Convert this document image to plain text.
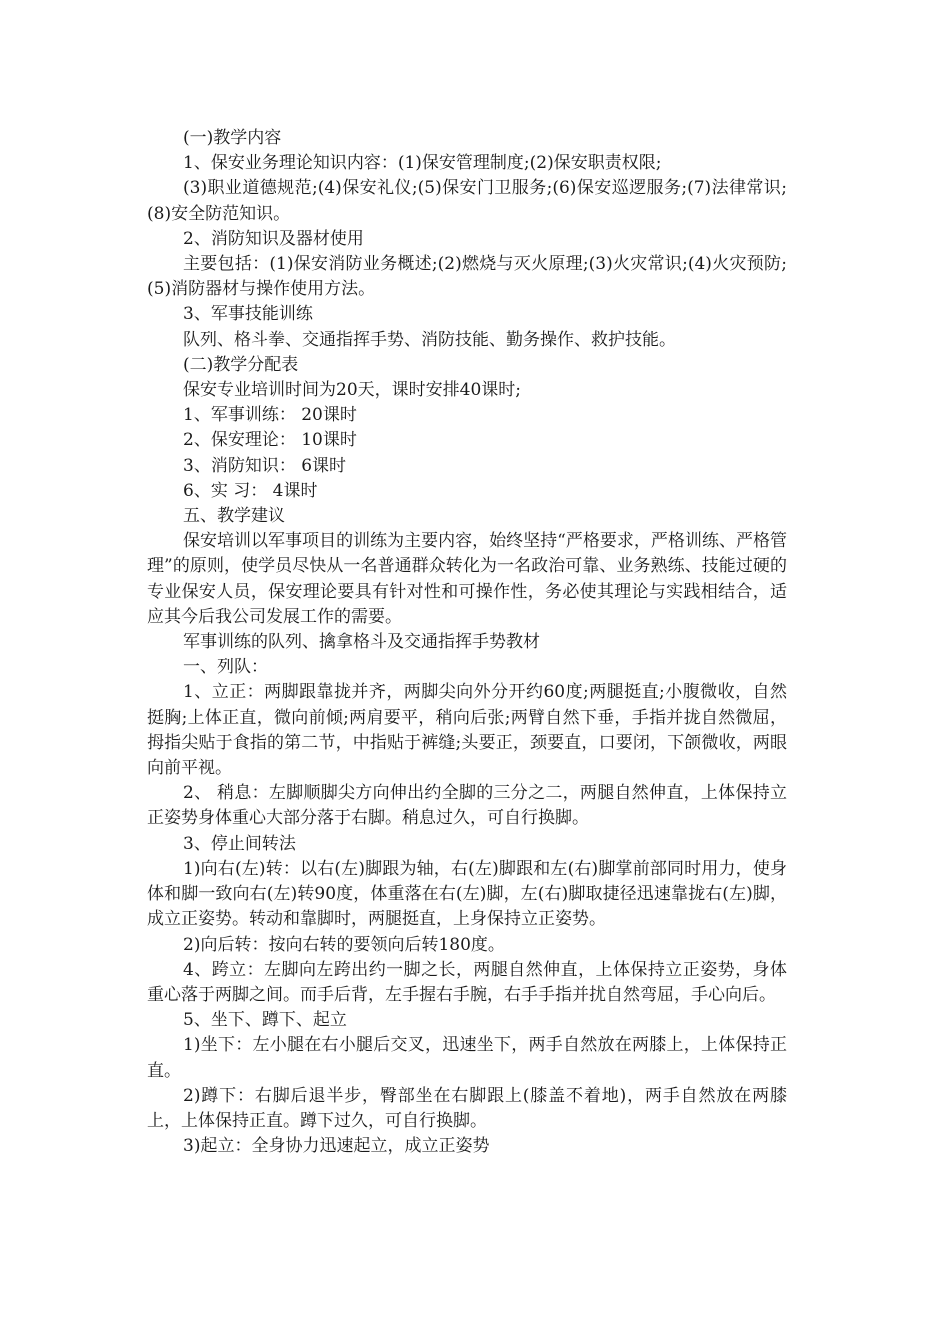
(一)教学内容

1、保安业务理论知识内容：(1)保安管理制度;(2)保安职责权限;

(3)职业道德规范;(4)保安礼仪;(5)保安门卫服务;(6)保安巡逻服务;(7)法律常识;(8)安全防范知识。

2、消防知识及器材使用

主要包括：(1)保安消防业务概述;(2)燃烧与灭火原理;(3)火灾常识;(4)火灾预防;(5)消防器材与操作使用方法。

3、军事技能训练

队列、格斗拳、交通指挥手势、消防技能、勤务操作、救护技能。

(二)教学分配表

保安专业培训时间为20天，课时安排40课时;

1、军事训练： 20课时

2、保安理论： 10课时

3、消防知识： 6课时

6、实 习： 4课时

五、教学建议

保安培训以军事项目的训练为主要内容，始终坚持“严格要求，严格训练、严格管理”的原则，使学员尽快从一名普通群众转化为一名政治可靠、业务熟练、技能过硬的专业保安人员，保安理论要具有针对性和可操作性，务必使其理论与实践相结合，适应其今后我公司发展工作的需要。

军事训练的队列、擒拿格斗及交通指挥手势教材

一、列队：

1、立正：两脚跟靠拢并齐，两脚尖向外分开约60度;两腿挺直;小腹微收，自然挺胸;上体正直，微向前倾;两肩要平，稍向后张;两臂自然下垂，手指并拢自然微屈，拇指尖贴于食指的第二节，中指贴于裤缝;头要正，颈要直，口要闭，下颌微收，两眼向前平视。

2、 稍息：左脚顺脚尖方向伸出约全脚的三分之二，两腿自然伸直，上体保持立正姿势身体重心大部分落于右脚。稍息过久，可自行换脚。

3、停止间转法

1)向右(左)转：以右(左)脚跟为轴，右(左)脚跟和左(右)脚掌前部同时用力，使身体和脚一致向右(左)转90度，体重落在右(左)脚，左(右)脚取捷径迅速靠拢右(左)脚，成立正姿势。转动和靠脚时，两腿挺直，上身保持立正姿势。

2)向后转：按向右转的要领向后转180度。

4、跨立：左脚向左跨出约一脚之长，两腿自然伸直，上体保持立正姿势，身体重心落于两脚之间。而手后背，左手握右手腕，右手手指并扰自然弯屈，手心向后。

5、坐下、蹲下、起立

1)坐下：左小腿在右小腿后交叉，迅速坐下，两手自然放在两膝上，上体保持正直。

2)蹲下：右脚后退半步，臀部坐在右脚跟上(膝盖不着地)，两手自然放在两膝上，上体保持正直。蹲下过久，可自行换脚。

3)起立：全身协力迅速起立，成立正姿势
